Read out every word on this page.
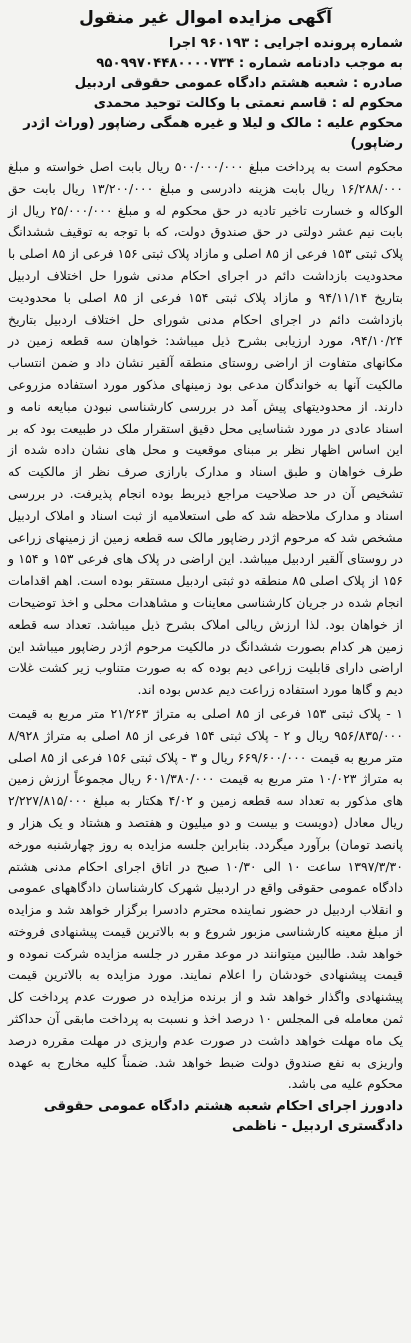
آگهی مزایده اموال غیر منقول

شماره پرونده اجرایی : ۹۶۰۱۹۳ اجرا

به موجب دادنامه شماره : ۹۵۰۹۹۷۰۴۴۸۰۰۰۰۷۳۴

صادره : شعبه هشتم دادگاه عمومی حقوقی اردبیل

محکوم له : قاسم نعمتی با وکالت توحید محمدی

محکوم علیه : مالک و لیلا و غیره همگی رضاپور (وراث اژدر رضاپور)

محکوم است به پرداخت مبلغ ۵۰۰/۰۰۰/۰۰۰ ریال بابت اصل خواسته و مبلغ ۱۶/۲۸۸/۰۰۰ ریال بابت هزینه دادرسی و مبلغ ۱۳/۲۰۰/۰۰۰ ریال بابت حق الوکاله و خسارت تاخیر تادیه در حق محکوم له و مبلغ ۲۵/۰۰۰/۰۰۰ ریال از بابت نیم عشر دولتی در حق صندوق دولت، که با توجه به توقیف ششدانگ پلاک ثبتی ۱۵۳ فرعی از ۸۵ اصلی و مازاد پلاک ثبتی ۱۵۶ فرعی از ۸۵ اصلی با محدودیت بازداشت دائم در اجرای احکام مدنی شورا حل اختلاف اردبیل بتاریخ ۹۴/۱۱/۱۴ و مازاد پلاک ثبتی ۱۵۴ فرعی از ۸۵ اصلی با محدودیت بازداشت دائم در اجرای احکام مدنی شورای حل اختلاف اردبیل بتاریخ ۹۴/۱۰/۲۴، مورد ارزیابی بشرح ذیل میباشد: خواهان سه قطعه زمین در مکانهای متفاوت از اراضی روستای منطقه آلقیر نشان داد و ضمن انتساب مالکیت آنها به خواندگان مدعی بود زمینهای مذکور مورد استفاده مزروعی دارند. از محدودیتهای پیش آمد در بررسی کارشناسی نبودن مبایعه نامه و اسناد عادی در مورد شناسایی محل دقیق استقرار ملک در طبیعت بود که بر این اساس اظهار نظر بر مبنای موقعیت و محل های نشان داده شده از طرف خواهان و طبق اسناد و مدارک بارازی صرف نظر از مالکیت که تشخیص آن در حد صلاحیت مراجع ذیربط بوده انجام پذیرفت. در بررسی اسناد و مدارک ملاحظه شد که طی استعلامیه از ثبت اسناد و املاک اردبیل مشخص شد که مرحوم اژدر رضاپور مالک سه قطعه زمین از زمینهای زراعی در روستای آلقیر اردبیل میباشد. این اراضی در پلاک های فرعی ۱۵۳ و ۱۵۴ و ۱۵۶ از پلاک اصلی ۸۵ منطقه دو ثبتی اردبیل مستقر بوده است. اهم اقدامات انجام شده در جریان کارشناسی معاینات و مشاهدات محلی و اخذ توضیحات از خواهان بود. لذا ارزش ریالی املاک بشرح ذیل میباشد. تعداد سه قطعه زمین هر کدام بصورت ششدانگ در مالکیت مرحوم اژدر رضاپور میباشد این اراضی دارای قابلیت زراعی دیم بوده که به صورت متناوب زیر کشت غلات دیم و گاها مورد استفاده زراعت دیم عدس بوده اند.

۱ - پلاک ثبتی ۱۵۳ فرعی از ۸۵ اصلی به متراژ ۲۱/۲۶۳ متر مربع به قیمت ۹۵۶/۸۳۵/۰۰۰ ریال و ۲ - پلاک ثبتی ۱۵۴ فرعی از ۸۵ اصلی به متراژ ۸/۹۲۸ متر مربع به قیمت ۶۶۹/۶۰۰/۰۰۰ ریال و ۳ - پلاک ثبتی ۱۵۶ فرعی از ۸۵ اصلی به متراژ ۱۰/۰۲۳ متر مربع به قیمت ۶۰۱/۳۸۰/۰۰۰ ریال مجموعاً ارزش زمین های مذکور به تعداد سه قطعه زمین و ۴/۰۲ هکتار به مبلغ ۲/۲۲۷/۸۱۵/۰۰۰ ریال معادل (دویست و بیست و دو میلیون و هفتصد و هشتاد و یک هزار و پانصد تومان) برآورد میگردد. بنابراین جلسه مزایده به روز چهارشنبه مورخه ۱۳۹۷/۳/۳۰ ساعت ۱۰ الی ۱۰/۳۰ صبح در اتاق اجرای احکام مدنی هشتم دادگاه عمومی حقوقی واقع در اردبیل شهرک کارشناسان دادگاههای عمومی و انقلاب اردبیل در حضور نماینده محترم دادسرا برگزار خواهد شد و مزایده از مبلغ معینه کارشناسی مزبور شروع و به بالاترین قیمت پیشنهادی فروخته خواهد شد. طالبین میتوانند در موعد مقرر در جلسه مزایده شرکت نموده و قیمت پیشنهادی خودشان را اعلام نمایند. مورد مزایده به بالاترین قیمت پیشنهادی واگذار خواهد شد و از برنده مزایده در صورت عدم پرداخت کل ثمن معامله فی المجلس ۱۰ درصد اخذ و نسبت به پرداخت مابقی آن حداکثر یک ماه مهلت خواهد داشت در صورت عدم واریزی در مهلت مقرره درصد واریزی به نفع صندوق دولت ضبط خواهد شد. ضمناً کلیه مخارج به عهده محکوم علیه می باشد.

دادورز اجرای احکام شعبه هشتم دادگاه عمومی حقوقی
دادگستری اردبیل - ناظمی
